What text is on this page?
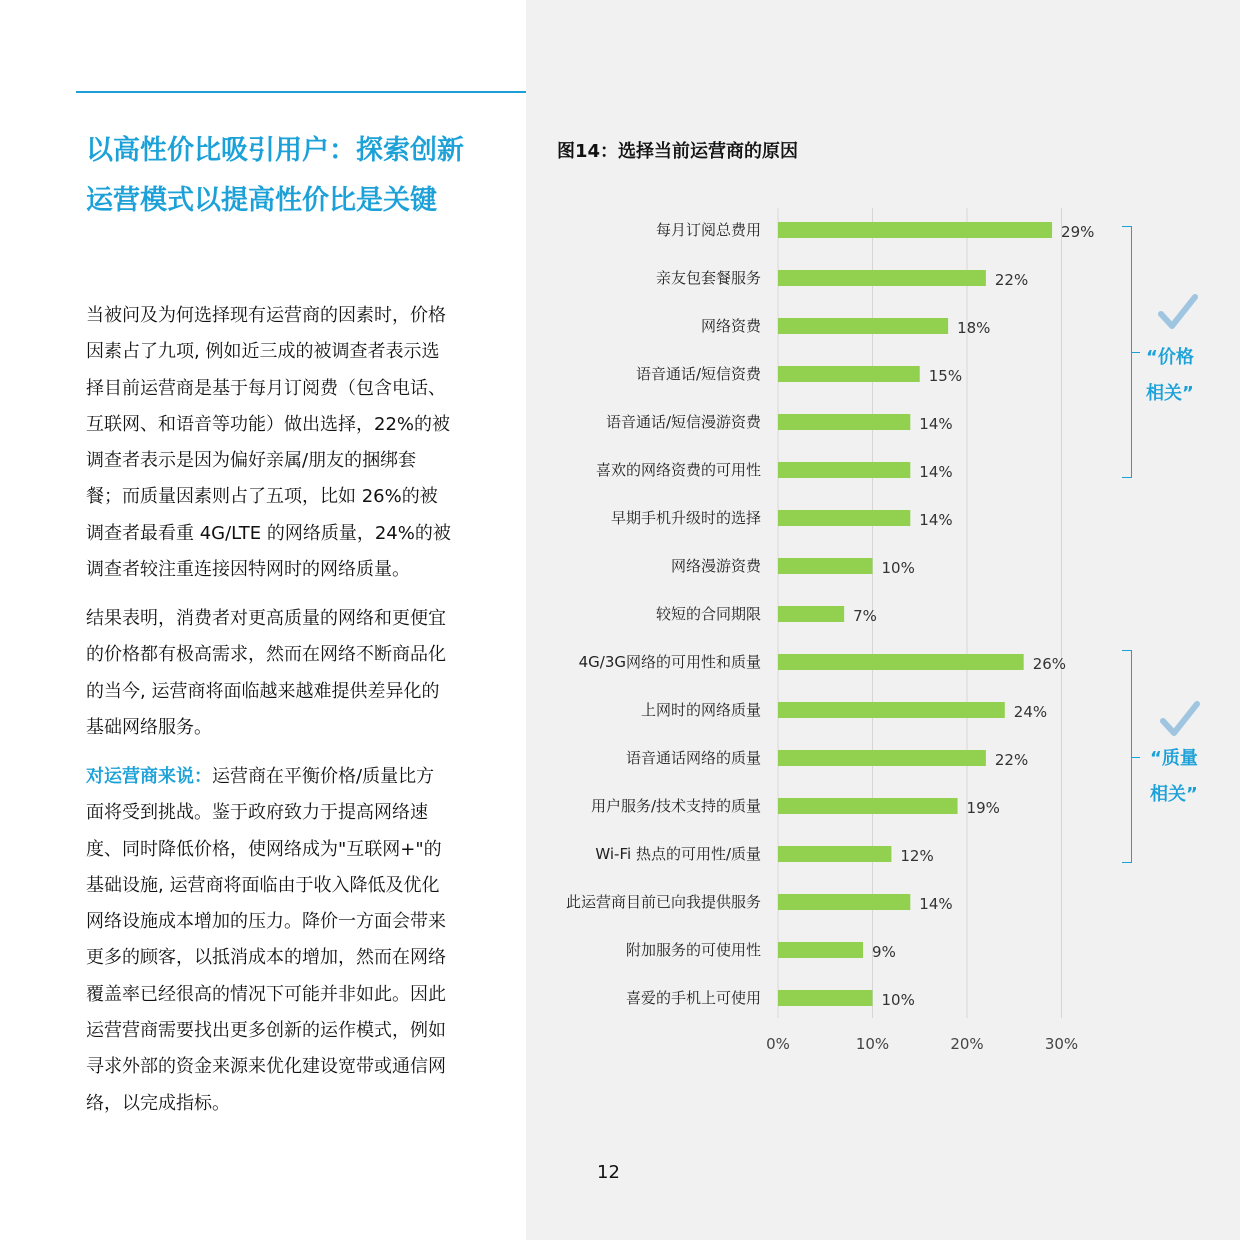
以高性价比吸引用户：探索创新
运营模式以提高性价比是关键
当被问及为何选择现有运营商的因素时，价格
因素占了九项, 例如近三成的被调查者表示选
择目前运营商是基于每月订阅费（包含电话、
互联网、和语音等功能）做出选择，22%的被
调查者表示是因为偏好亲属/朋友的捆绑套
餐；而质量因素则占了五项，比如 26%的被
调查者最看重 4G/LTE 的网络质量，24%的被
调查者较注重连接因特网时的网络质量。
结果表明，消费者对更高质量的网络和更便宜
的价格都有极高需求，然而在网络不断商品化
的当今, 运营商将面临越来越难提供差异化的
基础网络服务。
对运营商来说：运营商在平衡价格/质量比方
面将受到挑战。鉴于政府致力于提高网络速
度、同时降低价格，使网络成为"互联网+"的
基础设施, 运营商将面临由于收入降低及优化
网络设施成本增加的压力。降价一方面会带来
更多的顾客，以抵消成本的增加，然而在网络
覆盖率已经很高的情况下可能并非如此。因此
运营营商需要找出更多创新的运作模式，例如
寻求外部的资金来源来优化建设宽带或通信网
络，以完成指标。
图14：选择当前运营商的原因
0%	10%	20%	30%
每月订阅总费用	29%
亲友包套餐服务	22%
网络资费	18%
语音通话/短信资费	15%
语音通话/短信漫游资费	14%
喜欢的网络资费的可用性	14%
早期手机升级时的选择	14%
网络漫游资费	10%
较短的合同期限	7%
4G/3G网络的可用性和质量	26%
上网时的网络质量	24%
语音通话网络的质量	22%
用户服务/技术支持的质量	19%
Wi-Fi 热点的可用性/质量	12%
此运营商目前已向我提供服务	14%
附加服务的可使用性	9%
喜爱的手机上可使用	10%
“价格
相关”
“质量
相关”
12
